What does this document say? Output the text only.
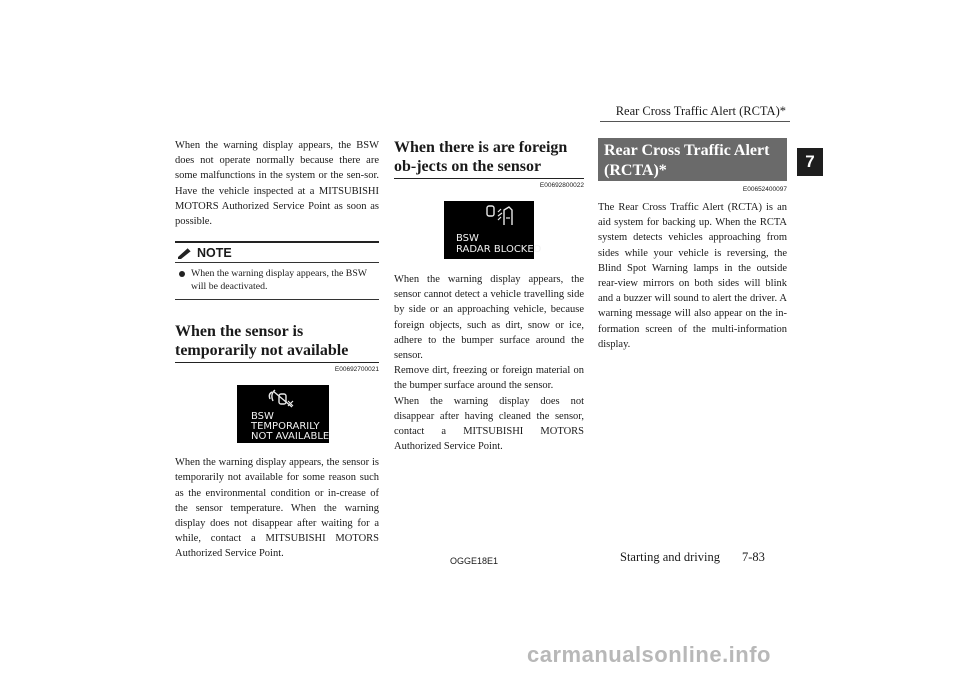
Rear Cross Traffic Alert (RCTA)*
7

When the warning display appears, the BSW does not operate normally because there are some malfunctions in the system or the sen-sor. Have the vehicle inspected at a MITSUBISHI MOTORS Authorized Service Point as soon as possible.

NOTE
When the warning display appears, the BSW will be deactivated.
When the sensor is temporarily not available
E00692700021
BSW
TEMPORARILY
NOT AVAILABLE

When the warning display appears, the sensor is temporarily not available for some reason such as the environmental condition or in-crease of the sensor temperature. When the warning display does not disappear after waiting for a while, contact a MITSUBISHI MOTORS Authorized Service Point.

When there is are foreign ob-jects on the sensor
E00692800022
BSW
RADAR BLOCKED

When the warning display appears, the sensor cannot detect a vehicle travelling side by side or an approaching vehicle, because foreign objects, such as dirt, snow or ice, adhere to the bumper surface around the sensor.

Remove dirt, freezing or foreign material on the bumper surface around the sensor.

When the warning display does not disappear after having cleaned the sensor, contact a MITSUBISHI MOTORS Authorized Service Point.

Rear Cross Traffic Alert (RCTA)*
E00652400097

The Rear Cross Traffic Alert (RCTA) is an aid system for backing up. When the RCTA system detects vehicles approaching from sides while your vehicle is reversing, the Blind Spot Warning lamps in the outside rear-view mirrors on both sides will blink and a buzzer will sound to alert the driver. A warning message will also appear on the in-formation screen of the multi-information display.

OGGE18E1	Starting and driving 7-83
carmanualsonline.info
